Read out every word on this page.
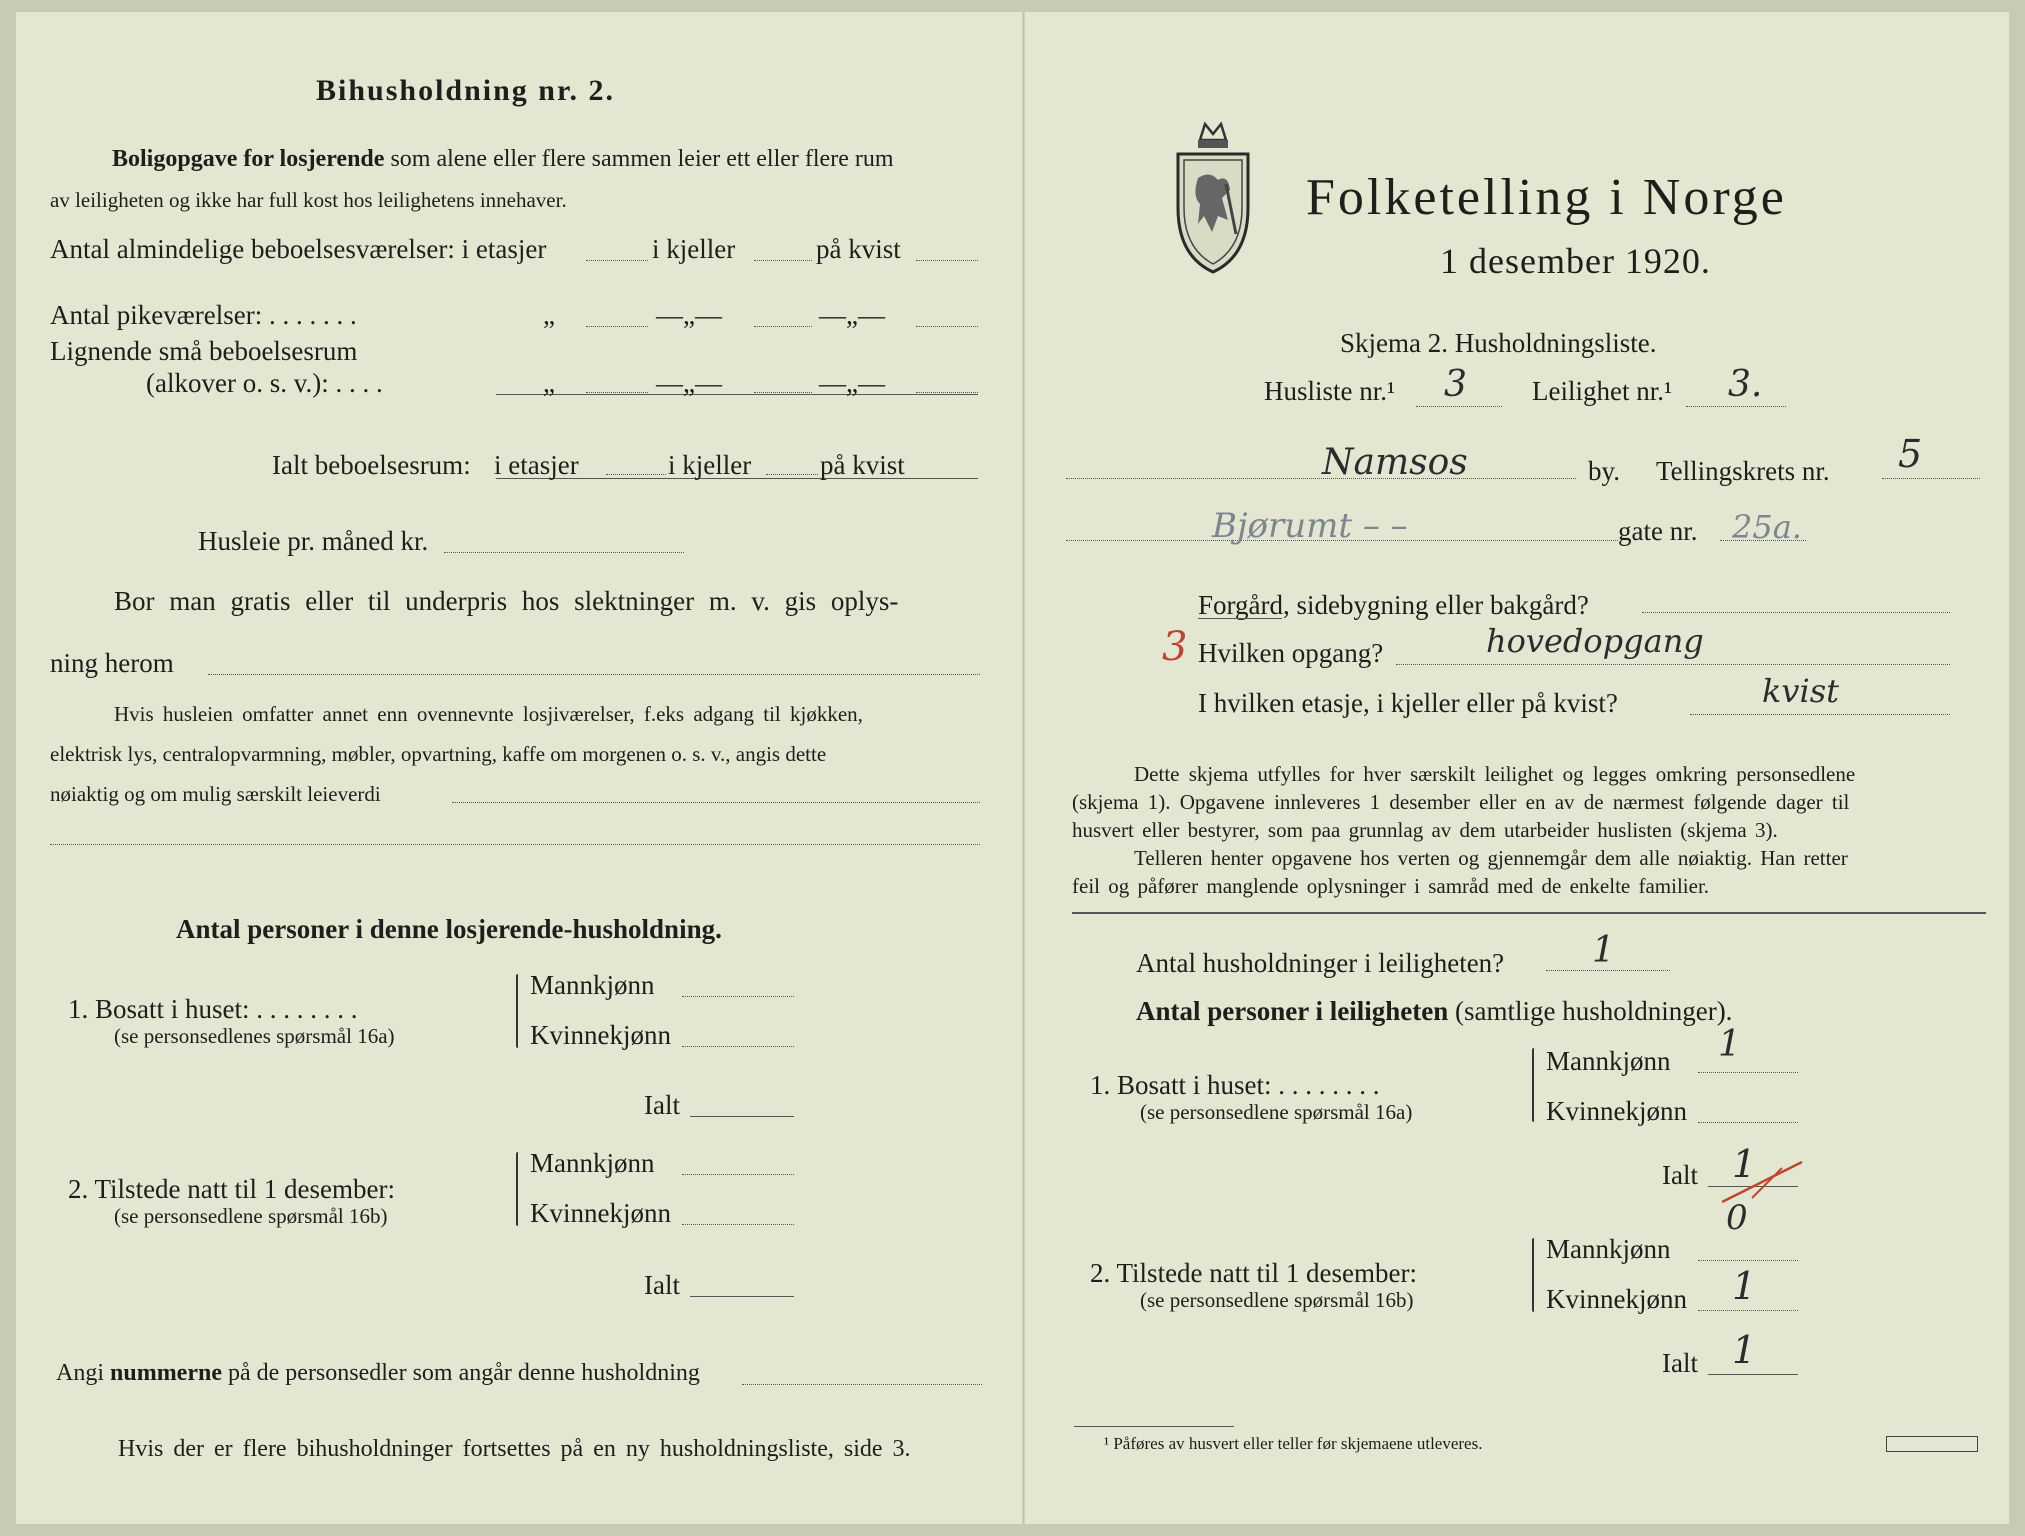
Bihusholdning nr. 2.
Boligopgave for losjerende som alene eller flere sammen leier ett eller flere rum
av leiligheten og ikke har full kost hos leilighetens innehaver.
Antal almindelige beboelsesværelser: i etasjer	i kjeller	på kvist
Antal pikeværelser: . . . . . . .	„	—„—	—„—
Lignende små beboelsesrum
(alkover o. s. v.): . . . .	„	—„—	—„—
Ialt beboelsesrum: i etasjer	i kjeller	på kvist
Husleie pr. måned kr.
Bor man gratis eller til underpris hos slektninger m. v. gis oplys-
ning herom
Hvis husleien omfatter annet enn ovennevnte losjiværelser, f.eks adgang til kjøkken,
elektrisk lys, centralopvarmning, møbler, opvartning, kaffe om morgenen o. s. v., angis dette
nøiaktig og om mulig særskilt leieverdi
Antal personer i denne losjerende-husholdning.
1. Bosatt i huset: . . . . . . . .
(se personsedlenes spørsmål 16a)
Mannkjønn
Kvinnekjønn
Ialt
2. Tilstede natt til 1 desember:
(se personsedlene spørsmål 16b)
Mannkjønn
Kvinnekjønn
Ialt
Angi nummerne på de personsedler som angår denne husholdning
Hvis der er flere bihusholdninger fortsettes på en ny husholdningsliste, side 3.
Folketelling i Norge
1 desember 1920.
Skjema 2. Husholdningsliste.
Husliste nr.¹ 3 Leilighet nr.¹ 3.
Namsos	by. Tellingskrets nr. 5
Bjørumt – –	gate nr. 25a.
Forgård, sidebygning eller bakgård?
3 Hvilken opgang?	hovedopgang
I hvilken etasje, i kjeller eller på kvist?	kvist
Dette skjema utfylles for hver særskilt leilighet og legges omkring personsedlene
(skjema 1). Opgavene innleveres 1 desember eller en av de nærmest følgende dager til
husvert eller bestyrer, som paa grunnlag av dem utarbeider huslisten (skjema 3).
Telleren henter opgavene hos verten og gjennemgår dem alle nøiaktig. Han retter
feil og påfører manglende oplysninger i samråd med de enkelte familier.
Antal husholdninger i leiligheten? 1
Antal personer i leiligheten (samtlige husholdninger).
1. Bosatt i huset: . . . . . . . .
(se personsedlene spørsmål 16a)
Mannkjønn 1
Kvinnekjønn
Ialt 1
0
2. Tilstede natt til 1 desember:
(se personsedlene spørsmål 16b)
Mannkjønn
Kvinnekjønn 1
Ialt 1
¹ Påføres av husvert eller teller før skjemaene utleveres.
